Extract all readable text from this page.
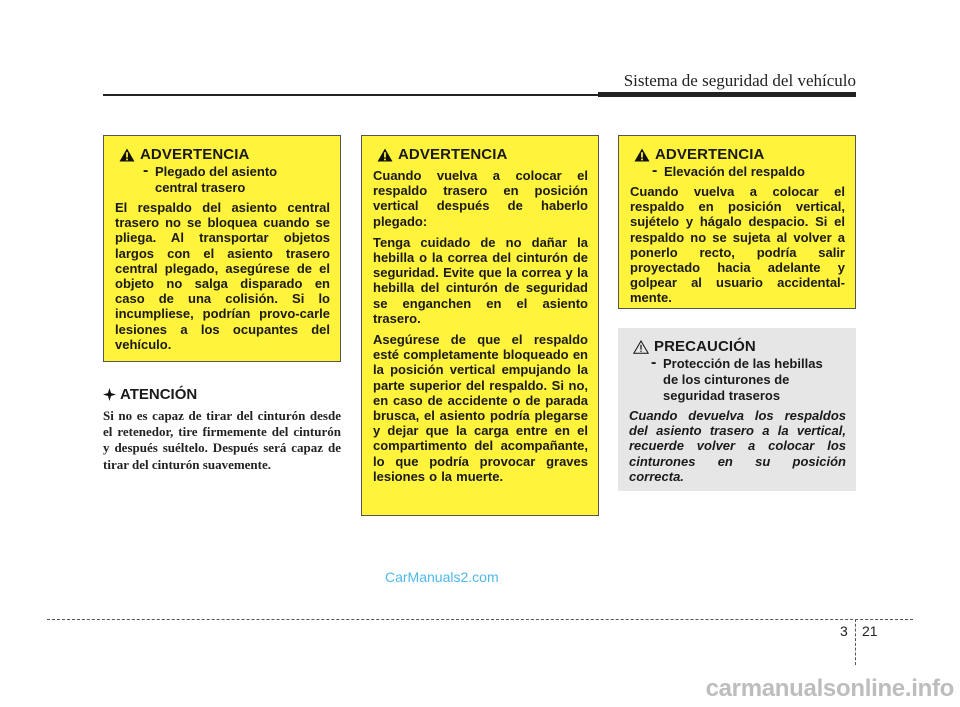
Sistema de seguridad del vehículo
ADVERTENCIA
- Plegado del asiento
central trasero

El respaldo del asiento central trasero no se bloquea cuando se pliega. Al transportar objetos largos con el asiento trasero central plegado, asegúrese de el objeto no salga disparado en caso de una colisión. Si lo incumpliese, podrían provo-carle lesiones a los ocupantes del vehículo.

ATENCIÓN

Si no es capaz de tirar del cinturón desde el retenedor, tire firmemente del cinturón y después suéltelo. Después será capaz de tirar del cinturón suavemente.

ADVERTENCIA

Cuando vuelva a colocar el respaldo trasero en posición vertical después de haberlo plegado:

Tenga cuidado de no dañar la hebilla o la correa del cinturón de seguridad. Evite que la correa y la hebilla del cinturón de seguridad se enganchen en el asiento trasero.

Asegúrese de que el respaldo esté completamente bloqueado en la posición vertical empujando la parte superior del respaldo. Si no, en caso de accidente o de parada brusca, el asiento podría plegarse y dejar que la carga entre en el compartimento del acompañante, lo que podría provocar graves lesiones o la muerte.

ADVERTENCIA
- Elevación del respaldo

Cuando vuelva a colocar el respaldo en posición vertical, sujételo y hágalo despacio. Si el respaldo no se sujeta al volver a ponerlo recto, podría salir proyectado hacia adelante y golpear al usuario accidental-mente.

PRECAUCIÓN
- Protección de las hebillas
de los cinturones de
seguridad traseros

Cuando devuelva los respaldos del asiento trasero a la vertical, recuerde volver a colocar los cinturones en su posición correcta.

CarManuals2.com
3 21
carmanualsonline.info
